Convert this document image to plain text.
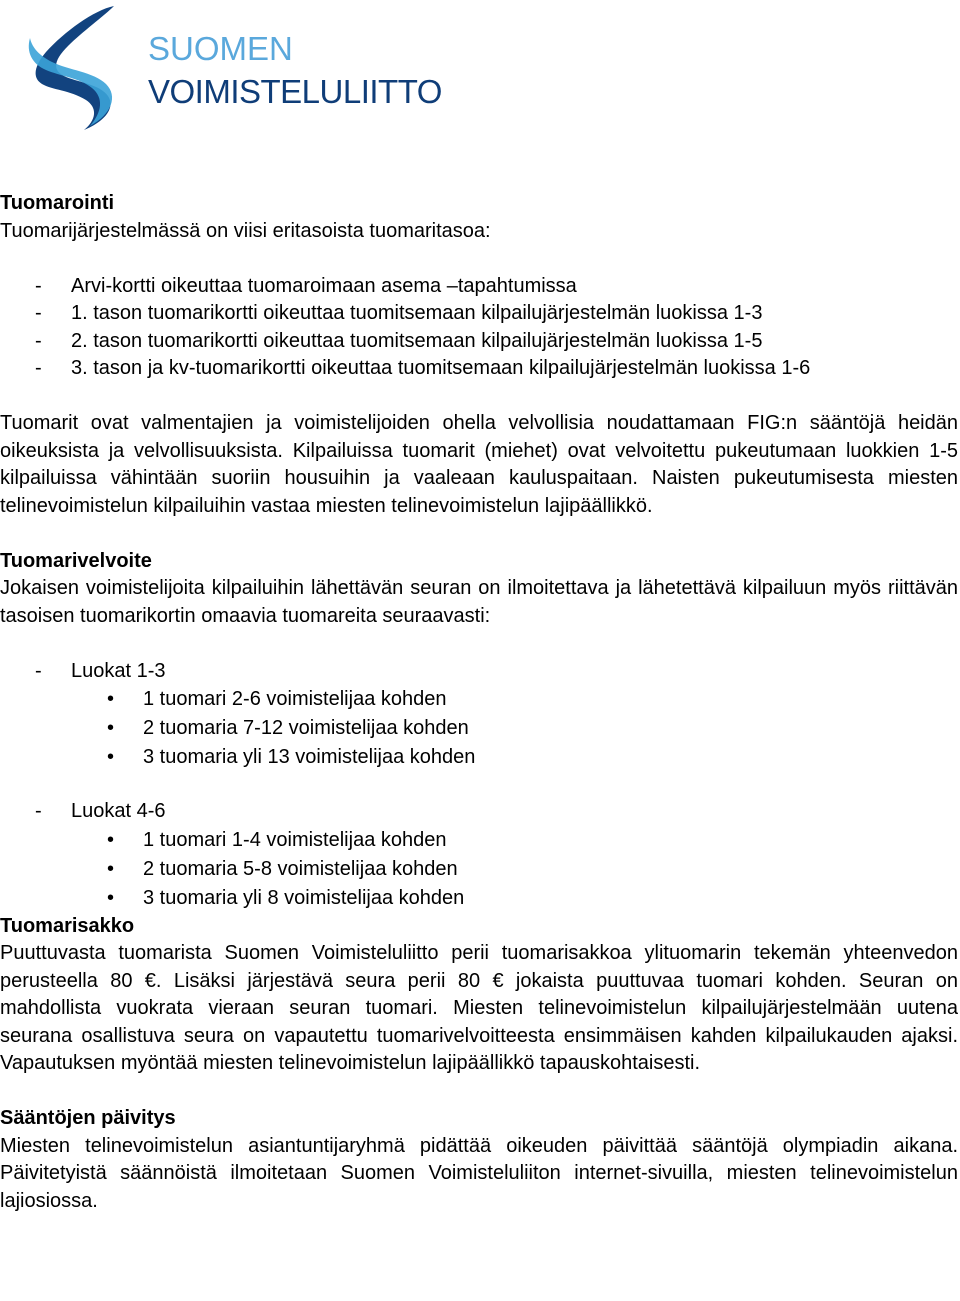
SUOMEN
VOIMISTELULIITTO

Tuomarointi

Tuomarijärjestelmässä on viisi eritasoista tuomaritasoa:

- Arvi-kortti oikeuttaa tuomaroimaan asema –tapahtumissa
- 1. tason tuomarikortti oikeuttaa tuomitsemaan kilpailujärjestelmän luokissa 1-3
- 2. tason tuomarikortti oikeuttaa tuomitsemaan kilpailujärjestelmän luokissa 1-5
- 3. tason ja kv-tuomarikortti oikeuttaa tuomitsemaan kilpailujärjestelmän luokissa 1-6

Tuomarit ovat valmentajien ja voimistelijoiden ohella velvollisia noudattamaan FIG:n sääntöjä heidän oikeuksista ja velvollisuuksista. Kilpailuissa tuomarit (miehet) ovat velvoitettu pukeutumaan luokkien 1-5 kilpailuissa vähintään suoriin housuihin ja vaaleaan kauluspaitaan. Naisten pukeutumisesta miesten telinevoimistelun kilpailuihin vastaa miesten telinevoimistelun lajipäällikkö.

Tuomarivelvoite

Jokaisen voimistelijoita kilpailuihin lähettävän seuran on ilmoitettava ja lähetettävä kilpailuun myös riittävän tasoisen tuomarikortin omaavia tuomareita seuraavasti:

- Luokat 1-3
• 1 tuomari 2-6 voimistelijaa kohden
• 2 tuomaria 7-12 voimistelijaa kohden
• 3 tuomaria yli 13 voimistelijaa kohden
- Luokat 4-6
• 1 tuomari 1-4 voimistelijaa kohden
• 2 tuomaria 5-8 voimistelijaa kohden
• 3 tuomaria yli 8 voimistelijaa kohden

Tuomarisakko

Puuttuvasta tuomarista Suomen Voimisteluliitto perii tuomarisakkoa ylituomarin tekemän yhteenvedon perusteella 80 €. Lisäksi järjestävä seura perii 80 € jokaista puuttuvaa tuomari kohden. Seuran on mahdollista vuokrata vieraan seuran tuomari. Miesten telinevoimistelun kilpailujärjestelmään uutena seurana osallistuva seura on vapautettu tuomarivelvoitteesta ensimmäisen kahden kilpailukauden ajaksi. Vapautuksen myöntää miesten telinevoimistelun lajipäällikkö tapauskohtaisesti.

Sääntöjen päivitys

Miesten telinevoimistelun asiantuntijaryhmä pidättää oikeuden päivittää sääntöjä olympiadin aikana. Päivitetyistä säännöistä ilmoitetaan Suomen Voimisteluliiton internet-sivuilla, miesten telinevoimistelun lajiosiossa.
